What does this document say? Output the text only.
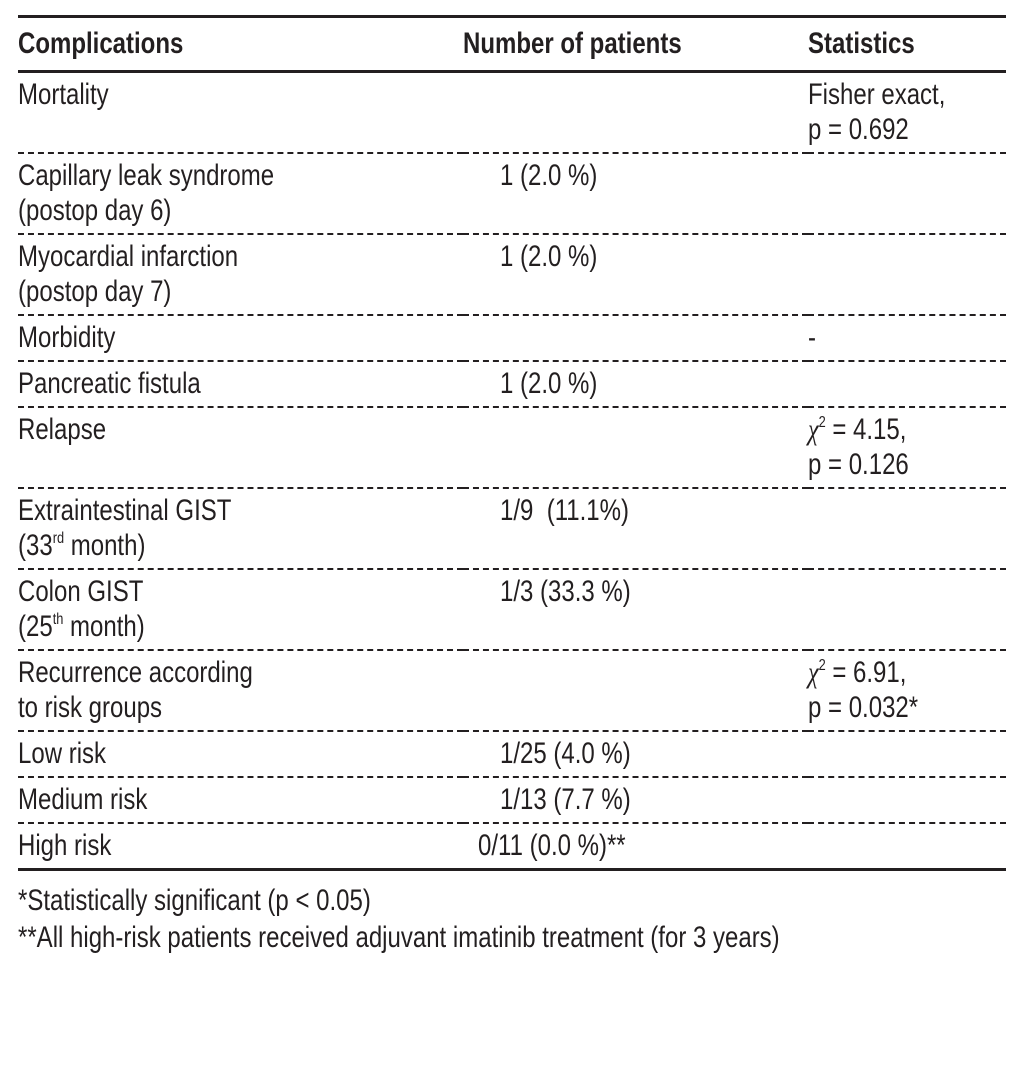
Complications	Number of patients	Statistics
Mortality		Fisher exact,
p = 0.692

Capillary leak syndrome
(postop day 6)	1 (2.0 %)	

Myocardial infarction
(postop day 7)	1 (2.0 %)	
Morbidity		-
Pancreatic fistula	1 (2.0 %)	
Relapse		$\chi^2 = 4.15$,
p = 0.126

Extraintestinal GIST
(33rd month)	1/9  (11.1%)	

Colon GIST
(25th month)	1/3 (33.3 %)	

Recurrence according
to risk groups		$\chi^2 = 6.91$,
p = 0.032*

Low risk	1/25 (4.0 %)	
Medium risk	1/13 (7.7 %)	
High risk	0/11 (0.0 %)**	
*Statistically significant (p < 0.05)
**All high-risk patients received adjuvant imatinib treatment (for 3 years)
